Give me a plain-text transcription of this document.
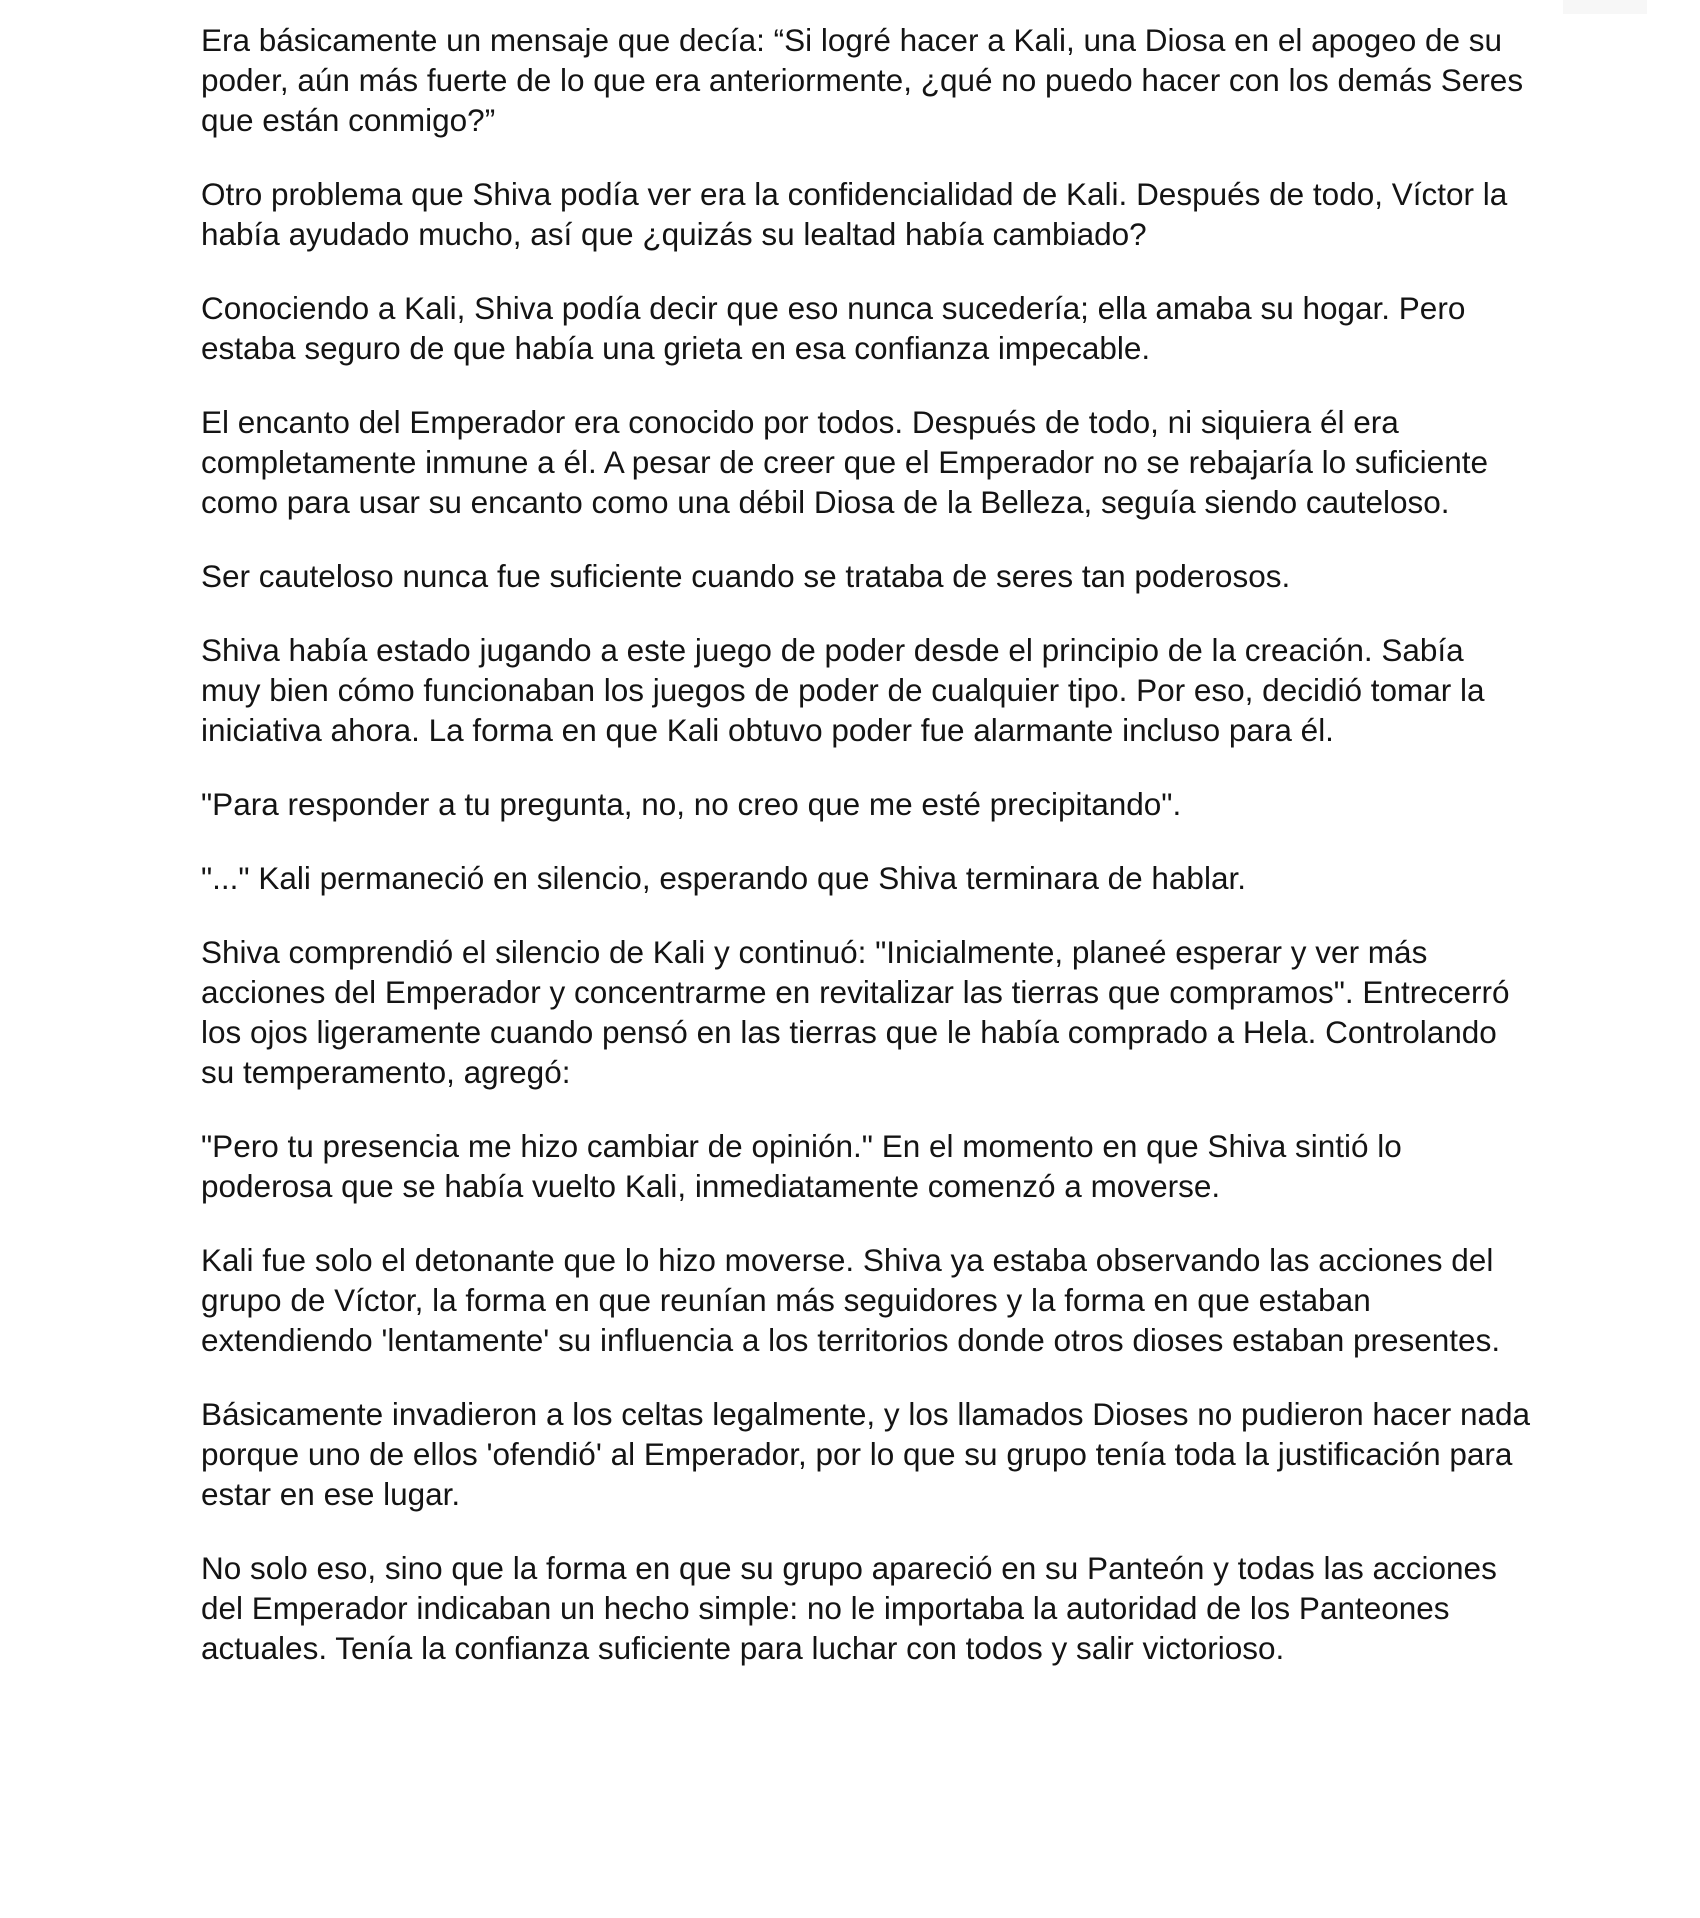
Era básicamente un mensaje que decía: “Si logré hacer a Kali, una Diosa en el apogeo de su poder, aún más fuerte de lo que era anteriormente, ¿qué no puedo hacer con los demás Seres que están conmigo?”

Otro problema que Shiva podía ver era la confidencialidad de Kali. Después de todo, Víctor la había ayudado mucho, así que ¿quizás su lealtad había cambiado?

Conociendo a Kali, Shiva podía decir que eso nunca sucedería; ella amaba su hogar. Pero estaba seguro de que había una grieta en esa confianza impecable.

El encanto del Emperador era conocido por todos. Después de todo, ni siquiera él era completamente inmune a él. A pesar de creer que el Emperador no se rebajaría lo suficiente como para usar su encanto como una débil Diosa de la Belleza, seguía siendo cauteloso.

Ser cauteloso nunca fue suficiente cuando se trataba de seres tan poderosos.

Shiva había estado jugando a este juego de poder desde el principio de la creación. Sabía muy bien cómo funcionaban los juegos de poder de cualquier tipo. Por eso, decidió tomar la iniciativa ahora. La forma en que Kali obtuvo poder fue alarmante incluso para él.

"Para responder a tu pregunta, no, no creo que me esté precipitando".

"..." Kali permaneció en silencio, esperando que Shiva terminara de hablar.

Shiva comprendió el silencio de Kali y continuó: "Inicialmente, planeé esperar y ver más acciones del Emperador y concentrarme en revitalizar las tierras que compramos". Entrecerró los ojos ligeramente cuando pensó en las tierras que le había comprado a Hela. Controlando su temperamento, agregó:

"Pero tu presencia me hizo cambiar de opinión." En el momento en que Shiva sintió lo poderosa que se había vuelto Kali, inmediatamente comenzó a moverse.

Kali fue solo el detonante que lo hizo moverse. Shiva ya estaba observando las acciones del grupo de Víctor, la forma en que reunían más seguidores y la forma en que estaban extendiendo 'lentamente' su influencia a los territorios donde otros dioses estaban presentes.

Básicamente invadieron a los celtas legalmente, y los llamados Dioses no pudieron hacer nada porque uno de ellos 'ofendió' al Emperador, por lo que su grupo tenía toda la justificación para estar en ese lugar.

No solo eso, sino que la forma en que su grupo apareció en su Panteón y todas las acciones del Emperador indicaban un hecho simple: no le importaba la autoridad de los Panteones actuales. Tenía la confianza suficiente para luchar con todos y salir victorioso.
